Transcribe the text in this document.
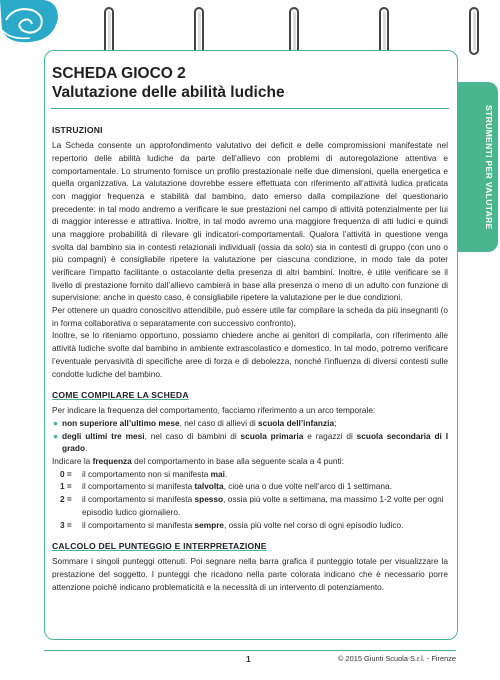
STRUMENTI PER VALUTARE
SCHEDA GIOCO 2
Valutazione delle abilità ludiche
ISTRUZIONI

La Scheda consente un approfondimento valutativo dei deficit e delle compromissioni manifestate nel repertorio delle abilità ludiche da parte dell’allievo con problemi di autoregolazione attentiva e comportamentale. Lo strumento fornisce un profilo prestazionale nelle due dimensioni, quella energetica e quella organizzativa. La valutazione dovrebbe essere effettuata con riferimento all’attività ludica praticata con maggior frequenza e stabilità dal bambino, dato emerso dalla compilazione del questionario precedente: in tal modo andremo a verificare le sue prestazioni nel campo di attività potenzialmente per lui di maggior interesse e attrattiva. Inoltre, in tal modo avremo una maggiore frequenza di atti ludici e quindi una maggiore probabilità di rilevare gli indicatori-comportamentali. Qualora l’attività in questione venga svolta dal bambino sia in contesti relazionali individuali (ossia da solo) sia in contesti di gruppo (con uno o più compagni) è consigliabile ripetere la valutazione per ciascuna condizione, in modo tale da poter verificare l’impatto facilitante o ostacolante della presenza di altri bambini. Inoltre, è utile verificare se il livello di prestazione fornito dall’allievo cambierà in base alla presenza o meno di un adulto con funzione di supervisione: anche in questo caso, è consigliabile ripetere la valutazione per le due condizioni.

Per ottenere un quadro conoscitivo attendibile, può essere utile far compilare la scheda da più insegnanti (o in forma collaborativa o separatamente con successivo confronto).

Inoltre, se lo riteniamo opportuno, possiamo chiedere anche ai genitori di compilarla, con riferimento alle attività ludiche svolte dal bambino in ambiente extrascolastico e domestico. In tal modo, potremo verificare l’eventuale pervasività di specifiche aree di forza e di debolezza, nonché l’influenza di diversi contesti sulle condotte ludiche del bambino.

COME COMPILARE LA SCHEDA

Per indicare la frequenza del comportamento, facciamo riferimento a un arco temporale:

● non superiore all’ultimo mese, nel caso di allievi di scuola dell’infanzia;
● degli ultimi tre mesi, nel caso di bambini di scuola primaria e ragazzi di scuola secondaria di I grado.

Indicare la frequenza del comportamento in base alla seguente scala a 4 punti:

0 = il comportamento non si manifesta mai.
1 = il comportamento si manifesta talvolta, cioè una o due volte nell’arco di 1 settimana.
2 = il comportamento si manifesta spesso, ossia più volte a settimana, ma massimo 1-2 volte per ogni episodio ludico giornaliero.
3 = il comportamento si manifesta sempre, ossia più volte nel corso di ogni episodio ludico.
CALCOLO DEL PUNTEGGIO E INTERPRETAZIONE

Sommare i singoli punteggi ottenuti. Poi segnare nella barra grafica il punteggio totale per visualizzare la prestazione del soggetto. I punteggi che ricadono nella parte colorata indicano che è necessario porre attenzione poiché indicano problematicità e la necessità di un intervento di potenziamento.

1	© 2015 Giunti Scuola S.r.l. - Firenze
